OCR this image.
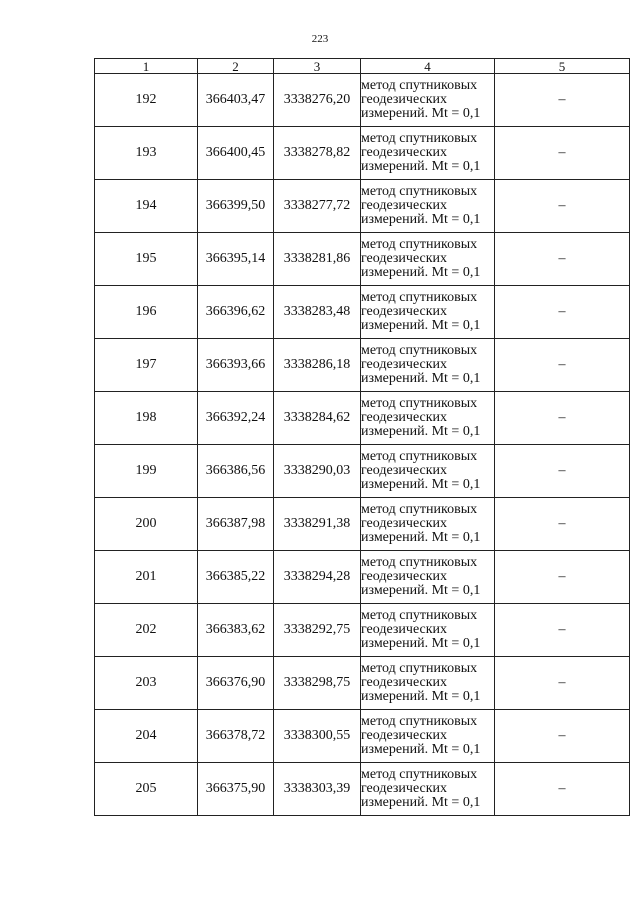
223
1	2	3	4	5
192	366403,47	3338276,20	метод спутниковых
геодезических
измерений. Mt = 0,1	–
193	366400,45	3338278,82	метод спутниковых
геодезических
измерений. Mt = 0,1	–
194	366399,50	3338277,72	метод спутниковых
геодезических
измерений. Mt = 0,1	–
195	366395,14	3338281,86	метод спутниковых
геодезических
измерений. Mt = 0,1	–
196	366396,62	3338283,48	метод спутниковых
геодезических
измерений. Mt = 0,1	–
197	366393,66	3338286,18	метод спутниковых
геодезических
измерений. Mt = 0,1	–
198	366392,24	3338284,62	метод спутниковых
геодезических
измерений. Mt = 0,1	–
199	366386,56	3338290,03	метод спутниковых
геодезических
измерений. Mt = 0,1	–
200	366387,98	3338291,38	метод спутниковых
геодезических
измерений. Mt = 0,1	–
201	366385,22	3338294,28	метод спутниковых
геодезических
измерений. Mt = 0,1	–
202	366383,62	3338292,75	метод спутниковых
геодезических
измерений. Mt = 0,1	–
203	366376,90	3338298,75	метод спутниковых
геодезических
измерений. Mt = 0,1	–
204	366378,72	3338300,55	метод спутниковых
геодезических
измерений. Mt = 0,1	–
205	366375,90	3338303,39	метод спутниковых
геодезических
измерений. Mt = 0,1	–
